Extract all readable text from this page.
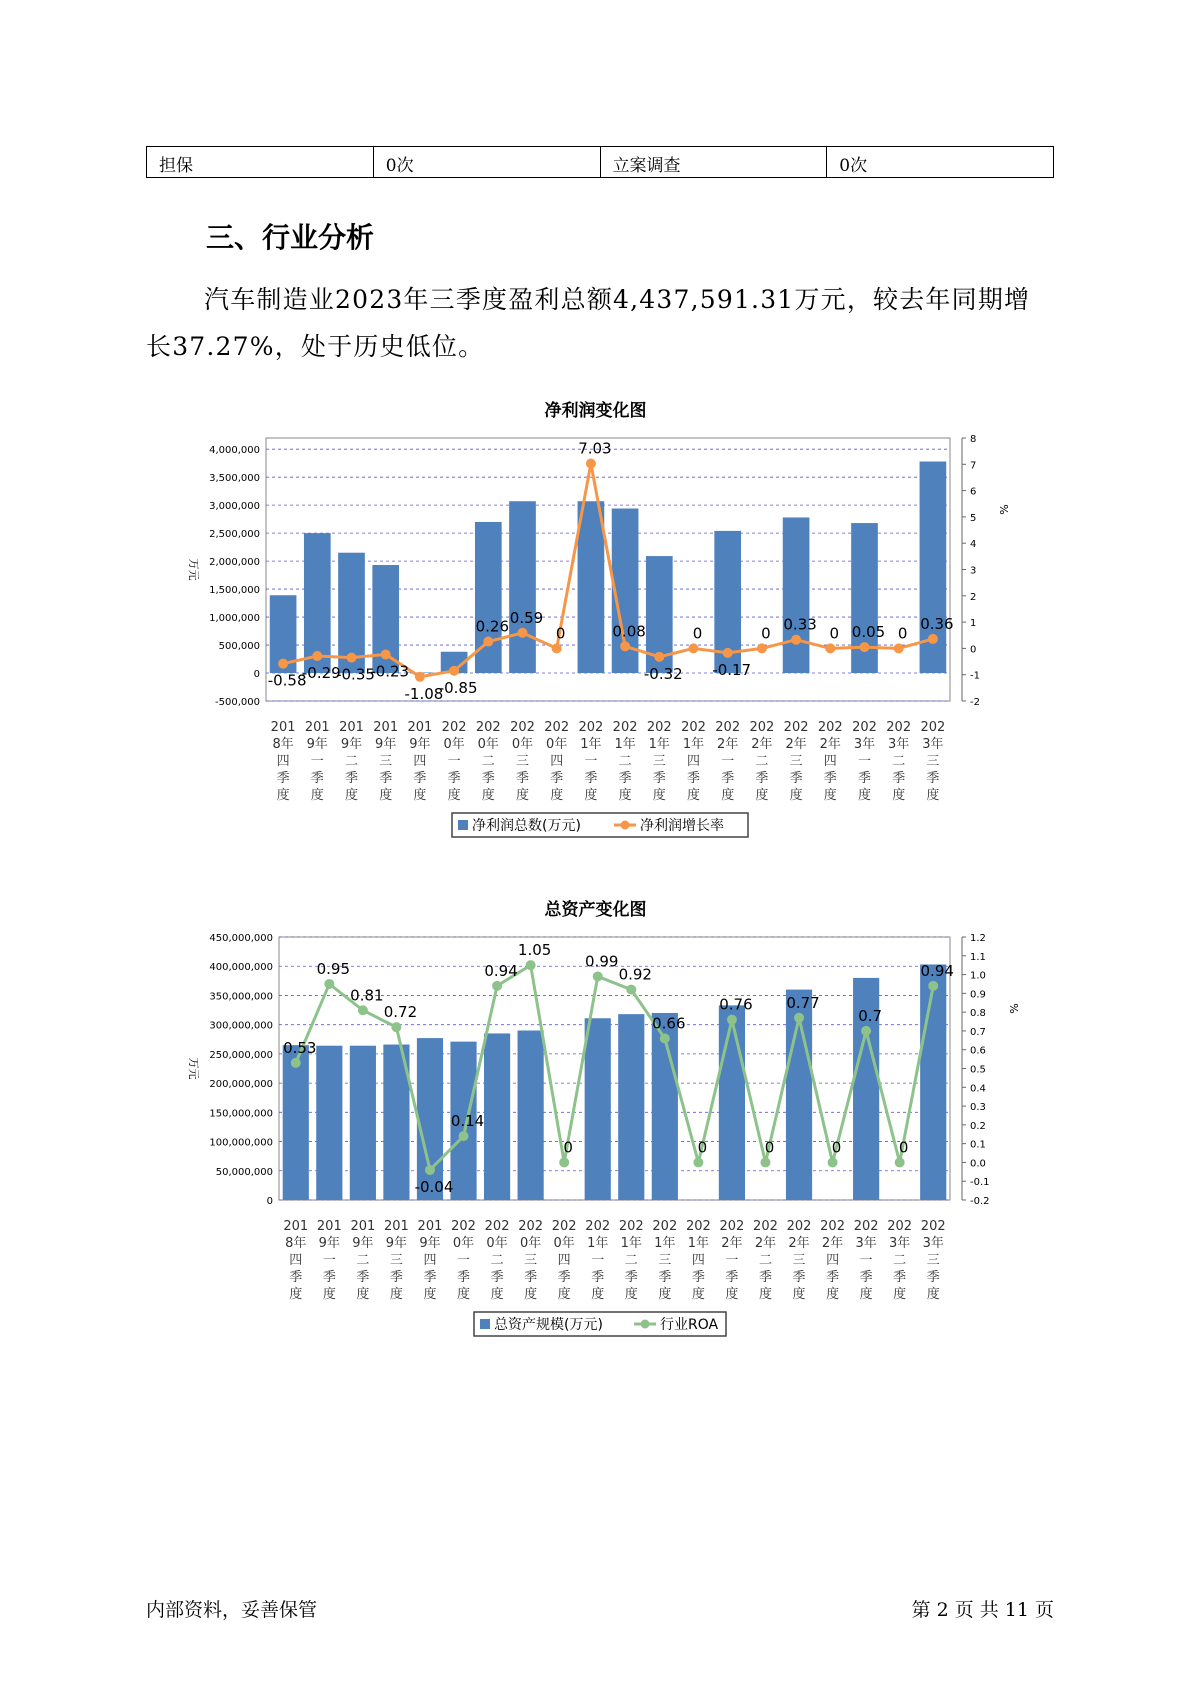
担保	0次	立案调查	0次
三、行业分析
汽车制造业2023年三季度盈利总额4,437,591.31万元，较去年同期增长37.27%，处于历史低位。
净利润变化图
4,000,000
3,500,000
3,000,000
2,500,000
2,000,000
1,500,000
1,000,000
500,000
0
-500,000
8
7
6
5
4
3
2
1
0
-1
-2
万元
%
201
8年
四
季
度
201
9年
一
季
度
201
9年
二
季
度
201
9年
三
季
度
201
9年
四
季
度
202
0年
一
季
度
202
0年
二
季
度
202
0年
三
季
度
202
0年
四
季
度
202
1年
一
季
度
202
1年
二
季
度
202
1年
三
季
度
202
1年
四
季
度
202
2年
一
季
度
202
2年
二
季
度
202
2年
三
季
度
202
2年
四
季
度
202
3年
一
季
度
202
3年
二
季
度
202
3年
三
季
度
-0.58
-0.29
-0.35
-0.23
-1.08
-0.85
0.26 0.59
0
7.03
0.08
-0.32
0
-0.17
0 0.33 0 0.05 0
0.36
净利润总数(万元)	净利润增长率
总资产变化图
450,000,000
400,000,000
350,000,000
300,000,000
250,000,000
200,000,000
150,000,000
100,000,000
50,000,000
0
1.2
1.1
1.0
0.9
0.8
0.7
0.6
0.5
0.4
0.3
0.2
0.1
0.0
-0.1
-0.2
万元
%
201
8年
四
季
度
201
9年
一
季
度
201
9年
二
季
度
201
9年
三
季
度
201
9年
四
季
度
202
0年
一
季
度
202
0年
二
季
度
202
0年
三
季
度
202
0年
四
季
度
202
1年
一
季
度
202
1年
二
季
度
202
1年
三
季
度
202
1年
四
季
度
202
2年
一
季
度
202
2年
二
季
度
202
2年
三
季
度
202
2年
四
季
度
202
3年
一
季
度
202
3年
二
季
度
202
3年
三
季
度
0.53
0.95
0.81
0.72
-0.04
0.14
0.94
1.05
0
0.99
0.92
0.66
0
0.76
0
0.77
0
0.7
0
0.94
总资产规模(万元)	行业ROA
内部资料，妥善保管	第 2 页 共 11 页
